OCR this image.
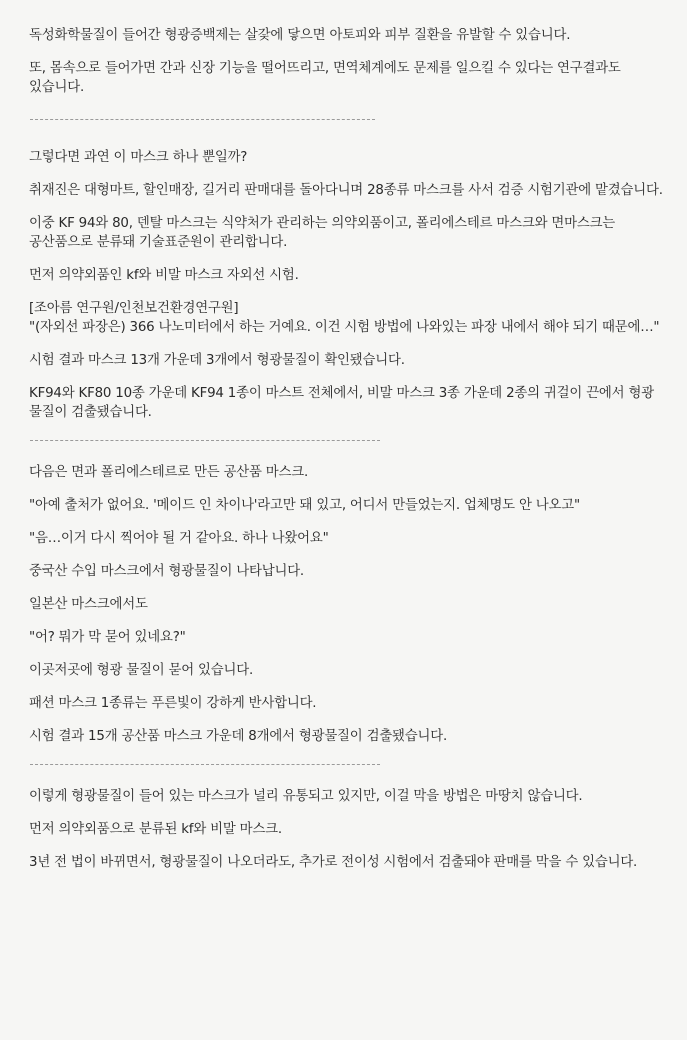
독성화학물질이 들어간 형광증백제는 살갗에 닿으면 아토피와 피부 질환을 유발할 수 있습니다.

또, 몸속으로 들어가면 간과 신장 기능을 떨어뜨리고, 면역체계에도 문제를 일으킬 수 있다는 연구결과도 있습니다.

그렇다면 과연 이 마스크 하나 뿐일까?

취재진은 대형마트, 할인매장, 길거리 판매대를 돌아다니며 28종류 마스크를 사서 검증 시험기관에 맡겼습니다.

이중 KF 94와 80, 덴탈 마스크는 식약처가 관리하는 의약외품이고, 폴리에스테르 마스크와 면마스크는 공산품으로 분류돼 기술표준원이 관리합니다.

먼저 의약외품인 kf와 비말 마스크 자외선 시험.

[조아름 연구원/인천보건환경연구원]

"(자외선 파장은) 366 나노미터에서 하는 거예요. 이건 시험 방법에 나와있는 파장 내에서 해야 되기 때문에…"

시험 결과 마스크 13개 가운데 3개에서 형광물질이 확인됐습니다.

KF94와 KF80 10종 가운데 KF94 1종이 마스트 전체에서, 비말 마스크 3종 가운데 2종의 귀걸이 끈에서 형광 물질이 검출됐습니다.

다음은 면과 폴리에스테르로 만든 공산품 마스크.

"아예 출처가 없어요. '메이드 인 차이나'라고만 돼 있고, 어디서 만들었는지. 업체명도 안 나오고"

"음…이거 다시 찍어야 될 거 같아요. 하나 나왔어요"

중국산 수입 마스크에서 형광물질이 나타납니다.

일본산 마스크에서도

"어? 뭐가 막 묻어 있네요?"

이곳저곳에 형광 물질이 묻어 있습니다.

패션 마스크 1종류는 푸른빛이 강하게 반사합니다.

시험 결과 15개 공산품 마스크 가운데 8개에서 형광물질이 검출됐습니다.

이렇게 형광물질이 들어 있는 마스크가 널리 유통되고 있지만, 이걸 막을 방법은 마땅치 않습니다.

먼저 의약외품으로 분류된 kf와 비말 마스크.

3년 전 법이 바뀌면서, 형광물질이 나오더라도, 추가로 전이성 시험에서 검출돼야 판매를 막을 수 있습니다.
